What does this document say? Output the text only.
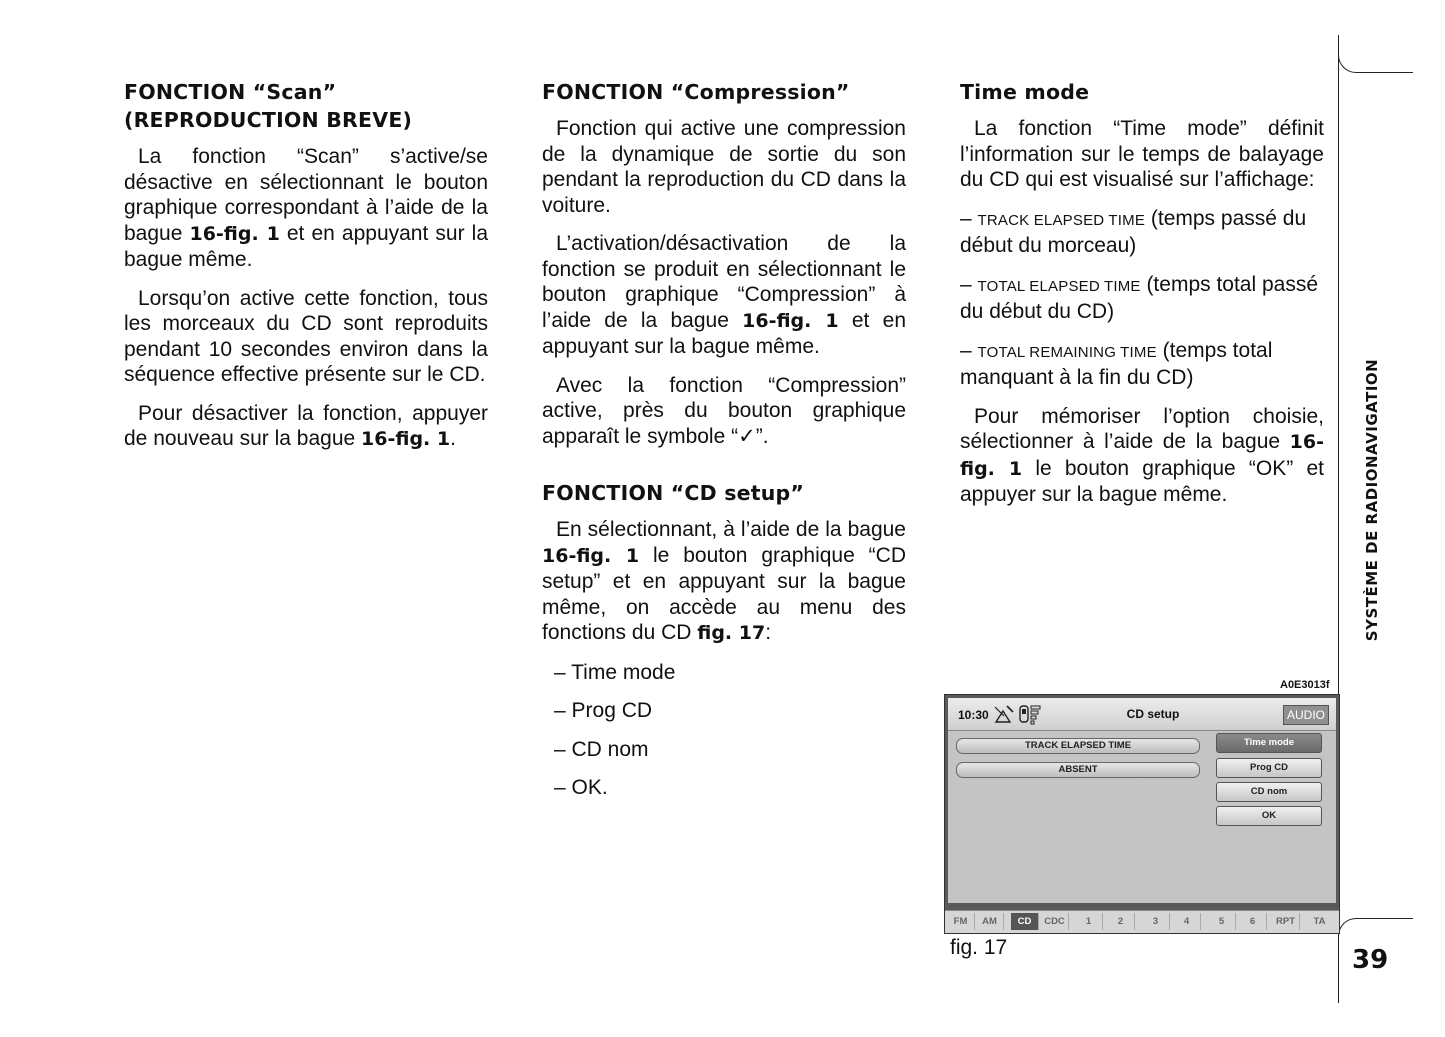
FONCTION “Scan”
(REPRODUCTION BREVE)

La fonction “Scan” s’active/se désactive en sélectionnant le bouton graphique correspondant à l’aide de la bague 16-fig. 1 et en appuyant sur la bague même.

Lorsqu’on active cette fonction, tous les morceaux du CD sont reproduits pendant 10 secondes environ dans la séquence effective présente sur le CD.

Pour désactiver la fonction, appuyer de nouveau sur la bague 16-fig. 1.

FONCTION “Compression”

Fonction qui active une compression de la dynamique de sortie du son pendant la reproduction du CD dans la voiture.

L’activation/désactivation de la fonction se produit en sélectionnant le bouton graphique “Compression” à l’aide de la bague 16-fig. 1 et en appuyant sur la bague même.

Avec la fonction “Compression” active, près du bouton graphique apparaît le symbole “✓”.

FONCTION “CD setup”

En sélectionnant, à l’aide de la bague 16-fig. 1 le bouton graphique “CD setup” et en appuyant sur la bague même, on accède au menu des fonctions du CD fig. 17:

– Time mode

– Prog CD

– CD nom

– OK.

Time mode

La fonction “Time mode” définit l’information sur le temps de balayage du CD qui est visualisé sur l’affichage:

– TRACK ELAPSED TIME (temps passé du début du morceau)

– TOTAL ELAPSED TIME (temps total passé du début du CD)

– TOTAL REMAINING TIME (temps total manquant à la fin du CD)

Pour mémoriser l’option choisie, sélectionner à l’aide de la bague 16-fig. 1 le bouton graphique “OK” et appuyer sur la bague même.	SYSTÈME DE RADIONAVIGATION
39
A0E3013f
10:30	CD setup	AUDIO
TRACK ELAPSED TIME
ABSENT
Time mode
Prog CD
CD nom
OK
FM	AM	CD	CDC	1	2	3	4	5	6	RPT	TA
fig. 17
